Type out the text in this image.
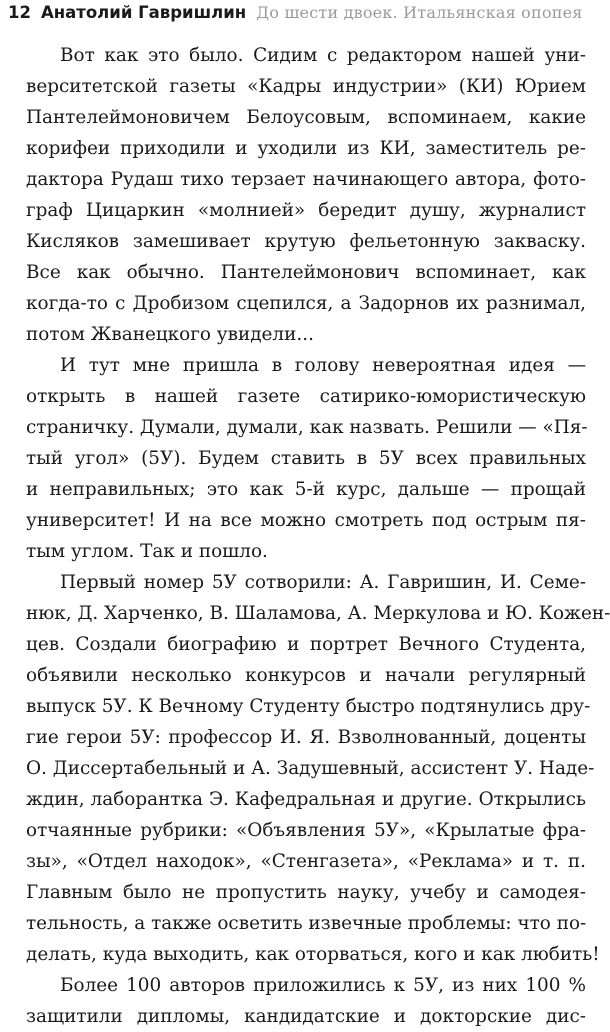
12 Анатолий Гавришлин До шести двоек. Итальянская опопея
Вот как это было. Сидим с редактором нашей уни-
верситетской газеты «Кадры индустрии» (КИ) Юрием
Пантелеймоновичем Белоусовым, вспоминаем, какие
корифеи приходили и уходили из КИ, заместитель ре-
дактора Рудаш тихо терзает начинающего автора, фото-
граф Цицаркин «молнией» бередит душу, журналист
Кисляков замешивает крутую фельетонную закваску.
Все как обычно. Пантелеймонович вспоминает, как
когда-то с Дробизом сцепился, а Задорнов их разнимал,
потом Жванецкого увидели...
И тут мне пришла в голову невероятная идея —
открыть в нашей газете сатирико-юмористическую
страничку. Думали, думали, как назвать. Решили — «Пя-
тый угол» (5У). Будем ставить в 5У всех правильных
и неправильных; это как 5-й курс, дальше — прощай
университет! И на все можно смотреть под острым пя-
тым углом. Так и пошло.
Первый номер 5У сотворили: А. Гавришин, И. Семе-
нюк, Д. Харченко, В. Шаламова, А. Меркулова и Ю. Кожен-
цев. Создали биографию и портрет Вечного Студента,
объявили несколько конкурсов и начали регулярный
выпуск 5У. К Вечному Студенту быстро подтянулись дру-
гие герои 5У: профессор И. Я. Взволнованный, доценты
О. Диссертабельный и А. Задушевный, ассистент У. Наде-
ждин, лаборантка Э. Кафедральная и другие. Открылись
отчаянные рубрики: «Объявления 5У», «Крылатые фра-
зы», «Отдел находок», «Стенгазета», «Реклама» и т. п.
Главным было не пропустить науку, учебу и самодея-
тельность, а также осветить извечные проблемы: что по-
делать, куда выходить, как оторваться, кого и как любить!
Более 100 авторов приложились к 5У, из них 100 %
защитили дипломы, кандидатские и докторские дис-
